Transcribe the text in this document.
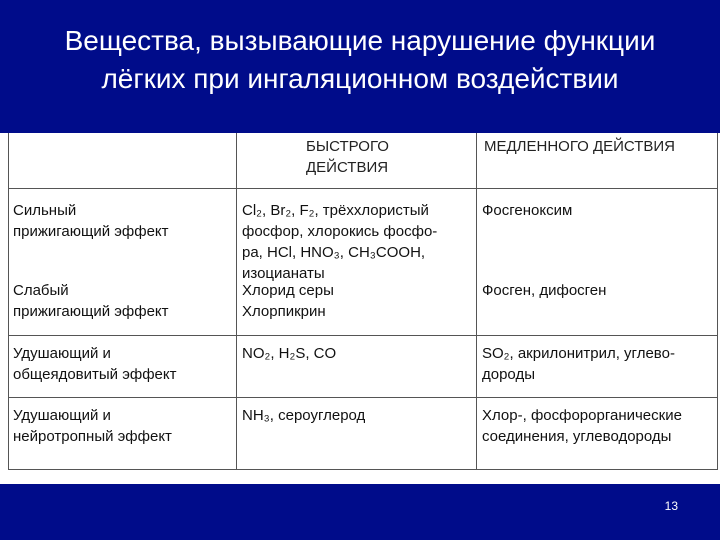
Вещества, вызывающие нарушение функции
лёгких при ингаляционном воздействии
БЫСТРОГО
ДЕЙСТВИЯ
МЕДЛЕННОГО ДЕЙСТВИЯ
Сильный
прижигающий эффект
Cl₂, Br₂, F₂, трёххлористый
фосфор, хлорокись фосфо-
ра, HCl, HNO₃, CH₃COOH,
изоцианаты
Фосгеноксим
Слабый
прижигающий эффект
Хлорид серы
Хлорпикрин
Фосген, дифосген
Удушающий и
общеядовитый эффект
NO₂, H₂S, CO	SO₂, акрилонитрил, углево-
дороды
Удушающий и
нейротропный эффект
NH₃, сероуглерод	Хлор-, фосфорорганические
соединения, углеводороды
13
